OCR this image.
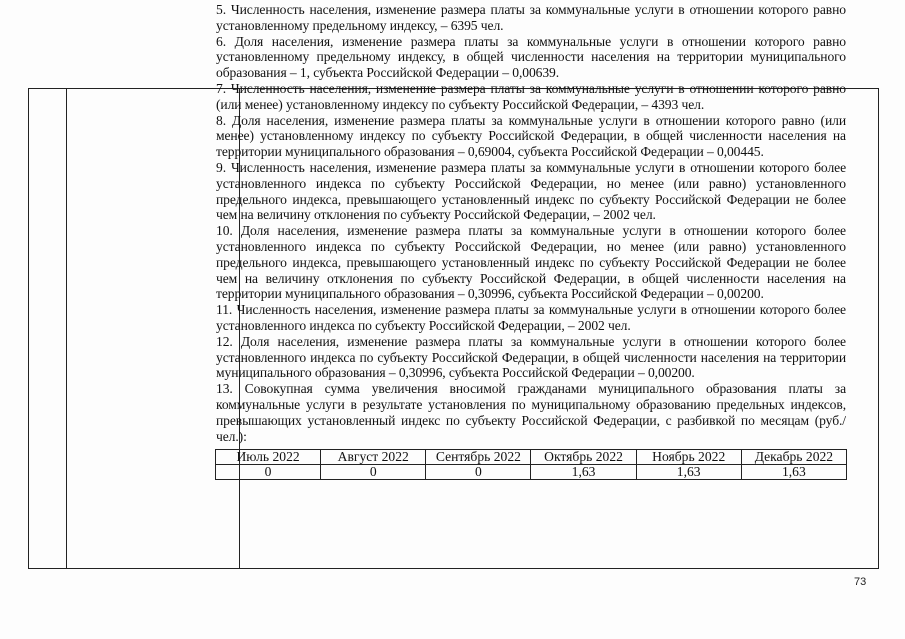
5. Численность населения, изменение размера платы за коммунальные услуги в отношении которого равно установленному предельному индексу, – 6395 чел.

6. Доля населения, изменение размера платы за коммунальные услуги в отношении которого равно установленному предельному индексу, в общей численности населения на территории муниципального образования – 1, субъекта Российской Федерации – 0,00639.

7. Численность населения, изменение размера платы за коммунальные услуги в отношении которого равно (или менее) установленному индексу по субъекту Российской Федерации, – 4393 чел.

8. Доля населения, изменение размера платы за коммунальные услуги в отношении которого равно (или менее) установленному индексу по субъекту Российской Федерации, в общей численности населения на территории муниципального образования – 0,69004, субъекта Российской Федерации – 0,00445.

9. Численность населения, изменение размера платы за коммунальные услуги в отношении которого более установленного индекса по субъекту Российской Федерации, но менее (или равно) установленного предельного индекса, превышающего установленный индекс по субъекту Российской Федерации не более чем на величину отклонения по субъекту Российской Федерации, – 2002 чел.

10. Доля населения, изменение размера платы за коммунальные услуги в отношении которого более установленного индекса по субъекту Российской Федерации, но менее (или равно) установленного предельного индекса, превышающего установленный индекс по субъекту Российской Федерации не более чем на величину отклонения по субъекту Российской Федерации, в общей численности населения на территории муниципального образования – 0,30996, субъекта Российской Федерации – 0,00200.

11. Численность населения, изменение размера платы за коммунальные услуги в отношении которого более установленного индекса по субъекту Российской Федерации, – 2002 чел.

12. Доля населения, изменение размера платы за коммунальные услуги в отношении которого более установленного индекса по субъекту Российской Федерации, в общей численности населения на территории муниципального образования – 0,30996, субъекта Российской Федерации – 0,00200.

13. Совокупная сумма увеличения вносимой гражданами муниципального образования платы за коммунальные услуги в результате установления по муниципальному образованию предельных индексов, превышающих установленный индекс по субъекту Российской Федерации, с разбивкой по месяцам (руб./чел.):

Июль 2022	Август 2022	Сентябрь 2022	Октябрь 2022	Ноябрь 2022	Декабрь 2022
0	0	0	1,63	1,63	1,63
73
